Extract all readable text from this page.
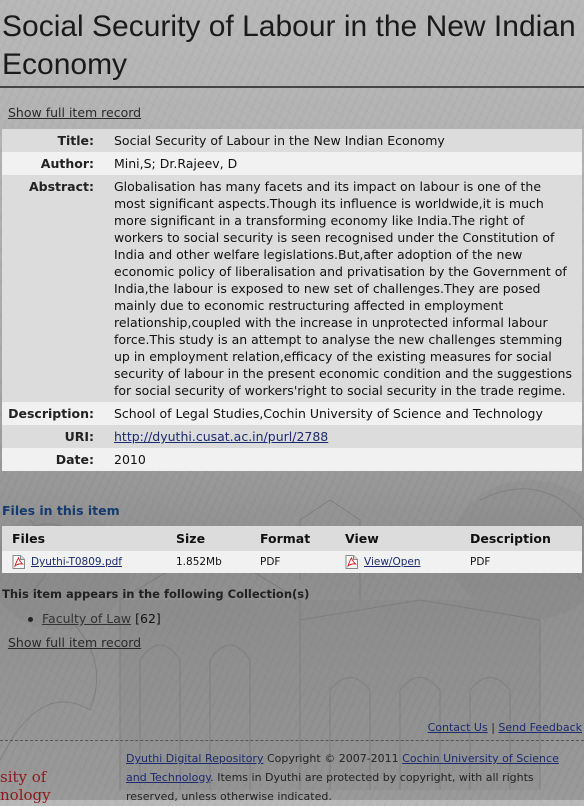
Social Security of Labour in the New Indian Economy
Show full item record
Title:	Social Security of Labour in the New Indian Economy
Author:	Mini,S; Dr.Rajeev, D
Abstract:	Globalisation has many facets and its impact on labour is one of the most significant aspects.Though its influence is worldwide,it is much more significant in a transforming economy like India.The right of workers to social security is seen recognised under the Constitution of India and other welfare legislations.But,after adoption of the new economic policy of liberalisation and privatisation by the Government of India,the labour is exposed to new set of challenges.They are posed mainly due to economic restructuring affected in employment relationship,coupled with the increase in unprotected informal labour force.This study is an attempt to analyse the new challenges stemming up in employment relation,efficacy of the existing measures for social security of labour in the present economic condition and the suggestions for social security of workers'right to social security in the trade regime.
Description:	School of Legal Studies,Cochin University of Science and Technology
URI:	http://dyuthi.cusat.ac.in/purl/2788
Date:	2010
Files in this item
Files	Size	Format	View	Description
Dyuthi-T0809.pdf	1.852Mb	PDF	View/Open	PDF
This item appears in the following Collection(s)
Faculty of Law [62]
Show full item record
Contact Us | Send Feedback
sity of
nology
Dyuthi Digital Repository Copyright © 2007-2011 Cochin University of Science and Technology. Items in Dyuthi are protected by copyright, with all rights reserved, unless otherwise indicated.
